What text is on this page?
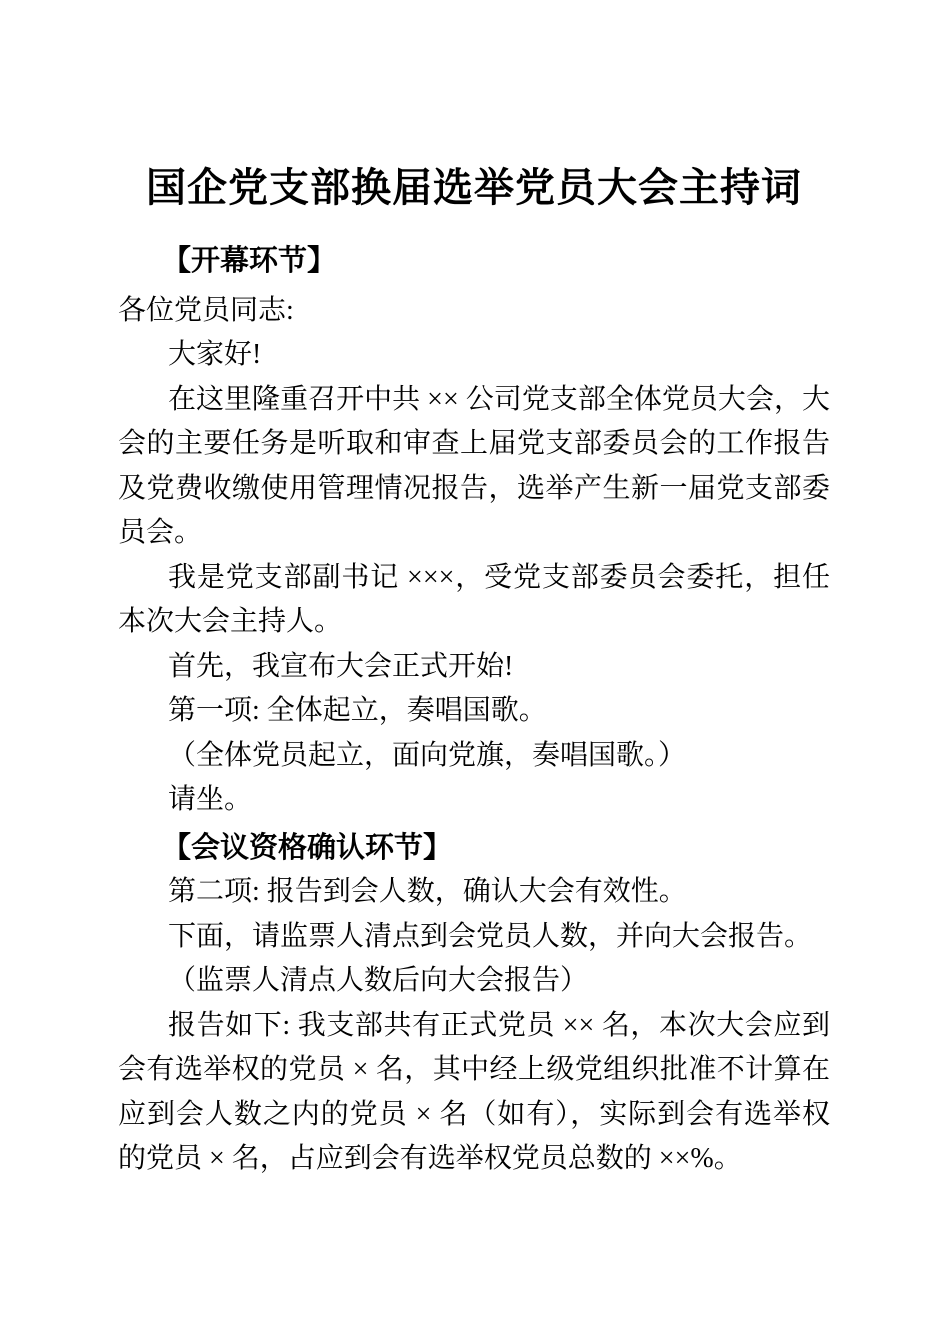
国企党支部换届选举党员大会主持词
【开幕环节】

各位党员同志:

大家好!

在这里隆重召开中共 ×× 公司党支部全体党员大会，大会的主要任务是听取和审查上届党支部委员会的工作报告及党费收缴使用管理情况报告，选举产生新一届党支部委员会。

我是党支部副书记 ×××，受党支部委员会委托，担任本次大会主持人。

首先，我宣布大会正式开始!

第一项: 全体起立，奏唱国歌。

（全体党员起立，面向党旗，奏唱国歌。）

请坐。

【会议资格确认环节】

第二项: 报告到会人数，确认大会有效性。

下面，请监票人清点到会党员人数，并向大会报告。

（监票人清点人数后向大会报告）

报告如下: 我支部共有正式党员 ×× 名，本次大会应到会有选举权的党员 × 名，其中经上级党组织批准不计算在应到会人数之内的党员 × 名（如有），实际到会有选举权的党员 × 名，占应到会有选举权党员总数的 ××%。
